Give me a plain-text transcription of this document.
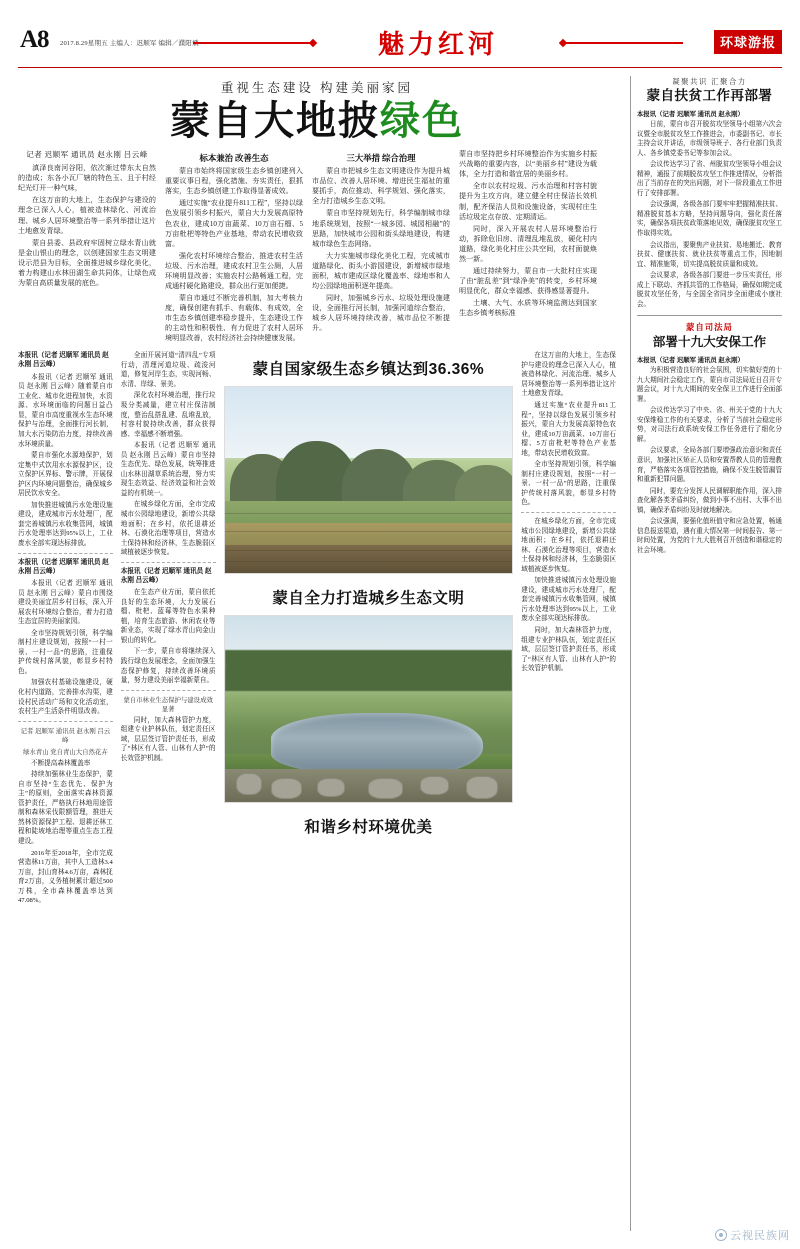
A8 2017.8.29星期五 主编人：迟顺军 编辑／濮阳斌	魅力红河	环球游报
重视生态建设 构建美丽家园
蒙自大地披绿色
记者 迟顺军 通讯员 赵永刚 吕云峰

滇泽良南河谷阳，依次渐过带东太自然的造成；东各小瓦厂辖的特色玉、且于村经纪光灯开一种气味，

在这万亩的大地上，生态保护与建设的理念已深入人心，植被造林绿化、河流治理、城乡人居环境整治等一系列举措让这片土地愈发青绿。

蒙自县委、县政府牢固树立绿水青山就是金山银山的理念，以创建国家生态文明建设示范县为目标，全面推进城乡绿化美化，着力构建山水林田湖生命共同体，让绿色成为蒙自高质量发展的底色。

标本兼治 改善生态

蒙自市始终将国家级生态乡镇创建列入重要议事日程，强化措施、夯实责任，狠抓落实，生态乡镇创建工作取得显著成效。

通过实施“农业提升811工程”，坚持以绿色发展引领乡村振兴，蒙自大力发展高原特色农业，建成10万亩蔬菜、10万亩石榴、5万亩枇杷等特色产业基地，带动农民增收致富。

强化农村环境综合整治，推进农村生活垃圾、污水治理，建成农村卫生公厕，人居环境明显改善；实施农村公路畅通工程，完成通村硬化路建设，群众出行更加便捷。

蒙自市通过不断完善机制，加大考核力度，确保创建有抓手、有载体、有成效，全市生态乡镇创建率稳步提升，生态建设工作的主动性和积极性、有力促进了农村人居环境明显改善，农村经济社会持续健康发展。

三大举措 综合治理

蒙自市把城乡生态文明建设作为提升城市品位、改善人居环境、增进民生福祉的重要抓手，高位推动、科学规划、强化落实，全力打造城乡生态文明。

蒙自市坚持规划先行，科学编制城市绿地系统规划，按照“一城多园、城园相融”的思路，加快城市公园和街头绿地建设，构建城市绿色生态网络。

大力实施城市绿化美化工程，完成城市道路绿化、街头小游园建设，新增城市绿地面积，城市建成区绿化覆盖率、绿地率和人均公园绿地面积逐年提高。

同时，加强城乡污水、垃圾处理设施建设，全面推行河长制，加强河道综合整治，城乡人居环境持续改善，城市品位不断提升。

蒙自市坚持把乡村环境整治作为实施乡村振兴战略的重要内容，以“美丽乡村”建设为载体，全力打造和谐宜居的美丽乡村。

全市以农村垃圾、污水治理和村容村貌提升为主攻方向，建立健全村庄保洁长效机制，配齐保洁人员和设施设备，实现村庄生活垃圾定点存放、定期清运。

同时，深入开展农村人居环境整治行动，拆除危旧房、清理乱堆乱放，硬化村内道路，绿化美化村庄公共空间，农村面貌焕然一新。

通过持续努力，蒙自市一大批村庄实现了由“脏乱差”到“绿净美”的转变，乡村环境明显优化，群众幸福感、获得感显著提升。

土壤、大气、水质等环境监测达到国家生态乡镇考核标准

本报讯（记者 迟顺军 通讯员 赵永刚 吕云峰）

本报讯（记者 迟顺军 通讯员 赵永刚 吕云峰）随着蒙自市工业化、城市化进程加快，水资源、水环境面临的问题日益凸显，蒙自市高度重视水生态环境保护与治理，全面推行河长制，加大水污染防治力度，持续改善水环境质量。

蒙自市强化水源地保护，划定集中式饮用水水源保护区，设立保护区界标、警示牌，开展保护区内环境问题整治，确保城乡居民饮水安全。

加快推进城镇污水处理设施建设，建成城市污水处理厂，配套完善城镇污水收集管网，城镇污水处理率达到95%以上，工业废水全部实现达标排放。

本报讯（记者 迟顺军 通讯员 赵永刚 吕云峰）

本报讯（记者 迟顺军 通讯员 赵永刚 吕云峰）蒙自市围绕建设美丽宜居乡村目标，深入开展农村环境综合整治，着力打造生态宜居的美丽家园。

全市坚持规划引领，科学编制村庄建设规划，按照“一村一景、一村一品”的思路，注重保护传统村落风貌，彰显乡村特色。

加强农村基础设施建设，硬化村内道路，完善排水沟渠，建设村民活动广场和文化活动室，农村生产生活条件明显改善。

记者 迟顺军 通讯员 赵永刚 吕云峰
绿水青山 党自青山大自然花卉

不断提高森林覆盖率

持续加强林业生态保护，蒙自市坚持“生态优先、保护为主”的原则，全面落实森林资源管护责任，严格执行林地用途管制和森林采伐限额管理，推进天然林资源保护工程、退耕还林工程和陡坡地治理等重点生态工程建设。

2016年至2018年，全市完成营造林11万亩，其中人工造林3.4万亩，封山育林4.6万亩，森林抚育2万亩，义务植树累计超过500万株，全市森林覆盖率达到47.08%。

全面开展河道“清四乱”专项行动，清理河道垃圾、疏浚河道，修复河岸生态，实现河畅、水清、岸绿、景美。

深化农村环境治理，推行垃圾分类减量，建立村庄保洁制度，整治乱搭乱建、乱堆乱放，村容村貌持续改善，群众获得感、幸福感不断增强。

本报讯（记者 迟顺军 通讯员 赵永刚 吕云峰）蒙自市坚持生态优先、绿色发展，统筹推进山水林田湖草系统治理，努力实现生态效益、经济效益和社会效益的有机统一。

在城乡绿化方面，全市完成城市公园绿地建设，新增公共绿地面积；在乡村，依托退耕还林、石漠化治理等项目，营造水土保持林和经济林，生态脆弱区域植被逐步恢复。

本报讯（记者 迟顺军 通讯员 赵永刚 吕云峰）

在生态产业方面，蒙自依托良好的生态环境，大力发展石榴、枇杷、蓝莓等特色水果种植，培育生态旅游、休闲农业等新业态，实现了绿水青山向金山银山的转化。

下一步，蒙自市将继续深入践行绿色发展理念，全面加强生态保护修复，持续改善环境质量，努力建设美丽幸福新蒙自。

蒙自市林业生态保护与建设成效显著

同时，加大森林管护力度，组建专业护林队伍，划定责任区域，层层签订管护责任书，形成了“林区有人管、山林有人护”的长效管护机制。

蒙自国家级生态乡镇达到36.36%
蒙自全力打造城乡生态文明
和谐乡村环境优美

在这万亩的大地上，生态保护与建设的理念已深入人心，植被造林绿化、河流治理、城乡人居环境整治等一系列举措让这片土地愈发青绿。

通过实施“农业提升811工程”，坚持以绿色发展引领乡村振兴，蒙自大力发展高原特色农业，建成10万亩蔬菜、10万亩石榴、5万亩枇杷等特色产业基地，带动农民增收致富。

全市坚持规划引领，科学编制村庄建设规划，按照“一村一景、一村一品”的思路，注重保护传统村落风貌，彰显乡村特色。

在城乡绿化方面，全市完成城市公园绿地建设，新增公共绿地面积；在乡村，依托退耕还林、石漠化治理等项目，营造水土保持林和经济林，生态脆弱区域植被逐步恢复。

加快推进城镇污水处理设施建设，建成城市污水处理厂，配套完善城镇污水收集管网，城镇污水处理率达到95%以上，工业废水全部实现达标排放。

同时，加大森林管护力度，组建专业护林队伍，划定责任区域，层层签订管护责任书，形成了“林区有人管、山林有人护”的长效管护机制。

凝聚共识 汇聚合力
蒙自扶贫工作再部署
本报讯（记者 迟顺军 通讯员 赵永刚）

日前，蒙自市召开脱贫攻坚领导小组第六次会议暨全市脱贫攻坚工作推进会，市委副书记、市长主持会议并讲话，市级领导班子、各行业部门负责人、各乡镇党委书记等参加会议。

会议传达学习了省、州脱贫攻坚领导小组会议精神，通报了前期脱贫攻坚工作推进情况，分析指出了当前存在的突出问题，对下一阶段重点工作进行了安排部署。

会议强调，各级各部门要牢牢把握精准扶贫、精准脱贫基本方略，坚持问题导向，强化责任落实，确保各项扶贫政策落地见效，确保脱贫攻坚工作取得实效。

会议指出，要聚焦产业扶贫、易地搬迁、教育扶贫、健康扶贫、就业扶贫等重点工作，因地制宜、精准施策，切实提高脱贫质量和成效。

会议要求，各级各部门要进一步压实责任，形成上下联动、齐抓共管的工作格局，确保如期完成脱贫攻坚任务，与全国全省同步全面建成小康社会。

蒙自司法局
部署十九大安保工作
本报讯（记者 迟顺军 通讯员 赵永刚）

为积极营造良好的社会氛围，切实做好党的十九大期间社会稳定工作，蒙自市司法局近日召开专题会议，对十九大期间的安全保卫工作进行全面部署。

会议传达学习了中央、省、州关于党的十九大安保维稳工作的有关要求，分析了当前社会稳定形势，对司法行政系统安保工作任务进行了细化分解。

会议要求，全局各部门要增强政治意识和责任意识，加强社区矫正人员和安置帮教人员的管理教育，严格落实各项管控措施，确保不发生脱管漏管和重新犯罪问题。

同时，要充分发挥人民调解职能作用，深入排查化解各类矛盾纠纷，做到小事不出村、大事不出镇，确保矛盾纠纷及时就地解决。

会议强调，要强化值班值守和应急处置，畅通信息报送渠道，遇有重大情况第一时间报告、第一时间处置，为党的十九大胜利召开创造和谐稳定的社会环境。

云视民族网
